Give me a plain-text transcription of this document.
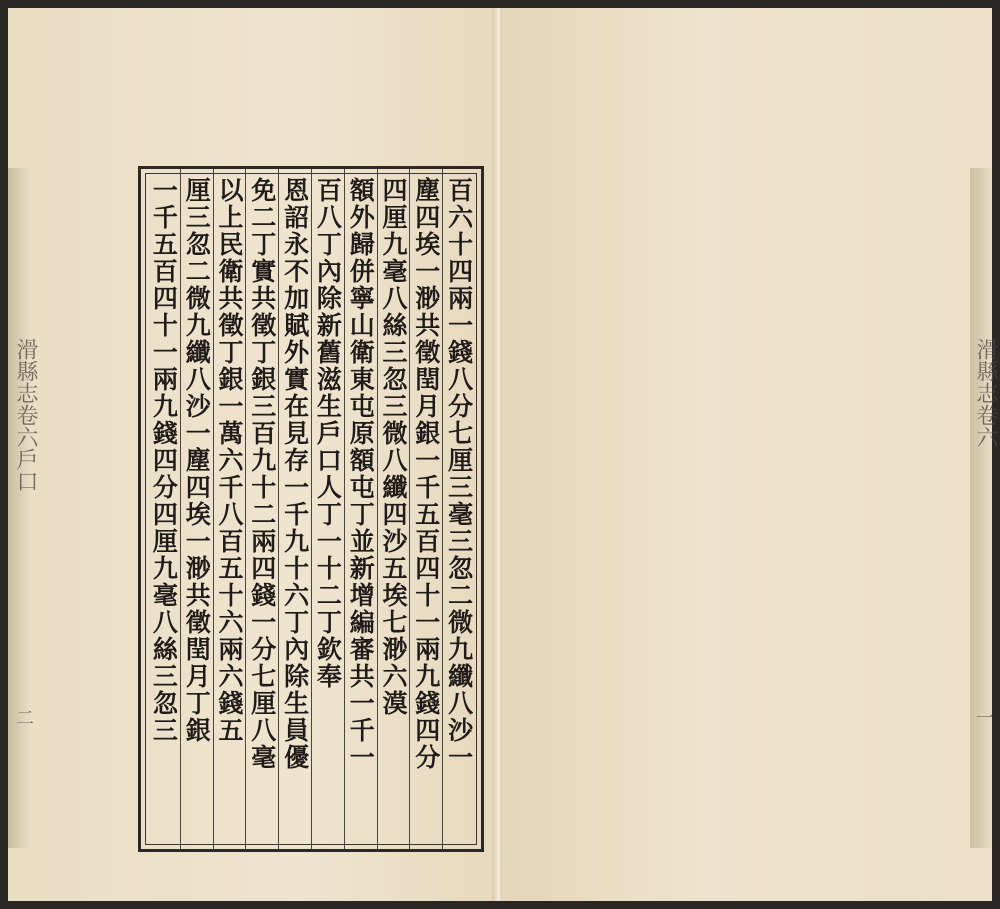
滑縣志卷六戶口
二	百六十四兩一錢八分七厘三毫三忽二微九纖八沙一
塵四埃一渺共徵閏月銀一千五百四十一兩九錢四分
四厘九毫八絲三忽三微八纖四沙五埃七渺六漠
額外歸併寧山衛東屯原額屯丁並新增編審共一千一
百八丁內除新舊滋生戶口人丁一十二丁欽奉
恩詔永不加賦外實在見存一千九十六丁內除生員優
免二丁實共徵丁銀三百九十二兩四錢一分七厘八毫
以上民衛共徵丁銀一萬六千八百五十六兩六錢五
厘三忽二微九纖八沙一塵四埃一渺共徵閏月丁銀
一千五百四十一兩九錢四分四厘九毫八絲三忽三	滑縣志卷六
一
